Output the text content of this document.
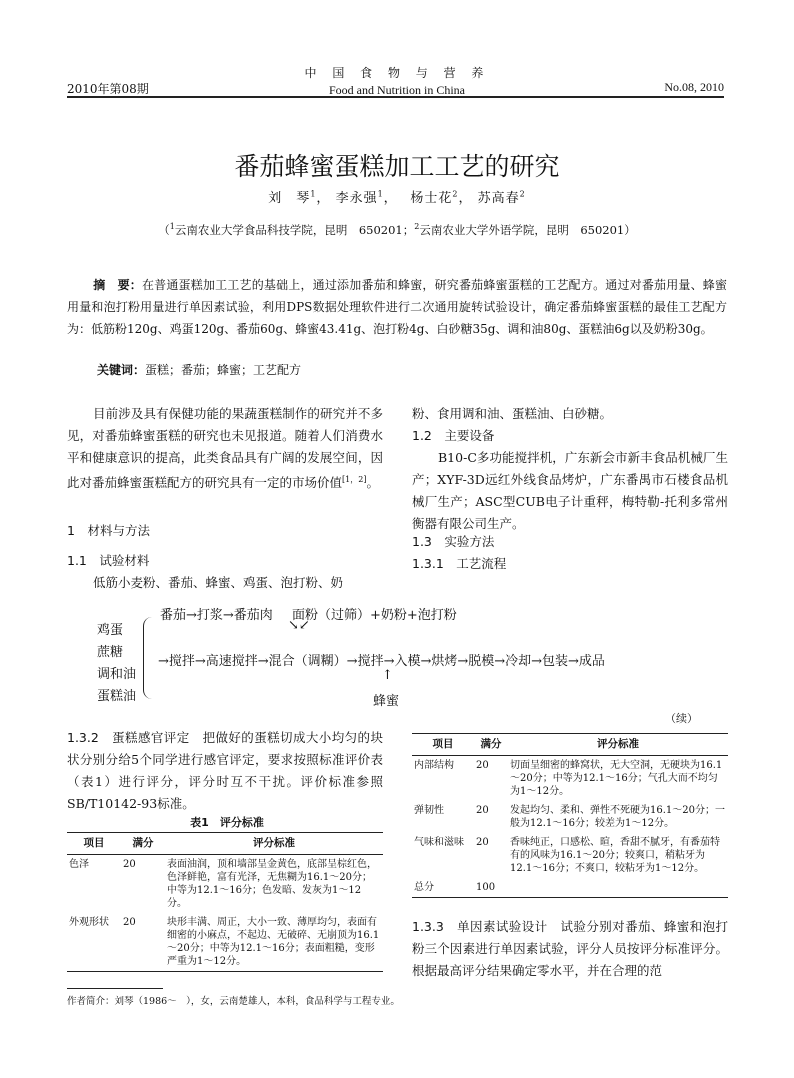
2010年第08期
中 国 食 物 与 营 养
Food and Nutrition in China	No.08, 2010
番茄蜂蜜蛋糕加工工艺的研究
刘　琴$^1$， 李永强$^1$，　 杨士花$^2$， 苏高春$^2$
（$^1$云南农业大学食品科技学院，昆明　650201；$^2$云南农业大学外语学院，昆明　650201）
摘　要：在普通蛋糕加工工艺的基础上，通过添加番茄和蜂蜜，研究番茄蜂蜜蛋糕的工艺配方。通过对番茄用量、蜂蜜用量和泡打粉用量进行单因素试验，利用DPS数据处理软件进行二次通用旋转试验设计，确定番茄蜂蜜蛋糕的最佳工艺配方为：低筋粉120g、鸡蛋120g、番茄60g、蜂蜜43.41g、泡打粉4g、白砂糖35g、调和油80g、蛋糕油6g以及奶粉30g。
关键词：蛋糕；番茄；蜂蜜；工艺配方
目前涉及具有保健功能的果蔬蛋糕制作的研究并不多见，对番茄蜂蜜蛋糕的研究也未见报道。随着人们消费水平和健康意识的提高，此类食品具有广阔的发展空间，因此对番茄蜂蜜蛋糕配方的研究具有一定的市场价值[1，2]。
1　材料与方法
1.1　试验材料
低筋小麦粉、番茄、蜂蜜、鸡蛋、泡打粉、奶
粉、食用调和油、蛋糕油、白砂糖。
1.2　主要设备
B10-C多功能搅拌机，广东新会市新丰食品机械厂生产；XYF-3D远红外线食品烤炉，广东番禺市石楼食品机械厂生产；ASC型CUB电子计重秤，梅特勒-托利多常州衡器有限公司生产。
1.3　实验方法
1.3.1　工艺流程
番茄→打浆→番茄肉 面粉（过筛）+奶粉+泡打粉
↘↙
鸡蛋
蔗糖
调和油
蛋糕油
→搅拌→高速搅拌→混合（调糊）→搅拌→入模→烘烤→脱模→冷却→包装→成品
↑
蜂蜜
1.3.2　蛋糕感官评定　 把做好的蛋糕切成大小均匀的块状分别分给5个同学进行感官评定，要求按照标准评价表（表1）进行评分，评分时互不干扰。评价标准参照SB/T10142-93标准。
表1　评分标准
项目	满分	评分标准
色泽	20	表面油润，顶和墙部呈金黄色，底部呈棕红色，色泽鲜艳，富有光泽，无焦糊为16.1～20分；中等为12.1～16分；色发暗、发灰为1～12分。
外观形状	20	块形丰满、周正，大小一致、薄厚均匀，表面有细密的小麻点，不起边、无破碎、无崩顶为16.1～20分；中等为12.1～16分；表面粗糙，变形严重为1～12分。
（续）
项目	满分	评分标准
内部结构	20	切面呈细密的蜂窝状，无大空洞，无硬块为16.1～20分；中等为12.1～16分；气孔大而不均匀为1～12分。
弹韧性	20	发起均匀、柔和、弹性不死硬为16.1～20分；一般为12.1～16分；较差为1～12分。
气味和滋味	20	香味纯正，口感松、暄，香甜不腻牙，有番茄特有的风味为16.1～20分；较爽口，稍粘牙为12.1～16分；不爽口，较粘牙为1～12分。
总分	100	
1.3.3　单因素试验设计　 试验分别对番茄、蜂蜜和泡打粉三个因素进行单因素试验，评分人员按评分标准评分。根据最高评分结果确定零水平，并在合理的范
作者简介：刘琴（1986～　），女，云南楚雄人，本科，食品科学与工程专业。
